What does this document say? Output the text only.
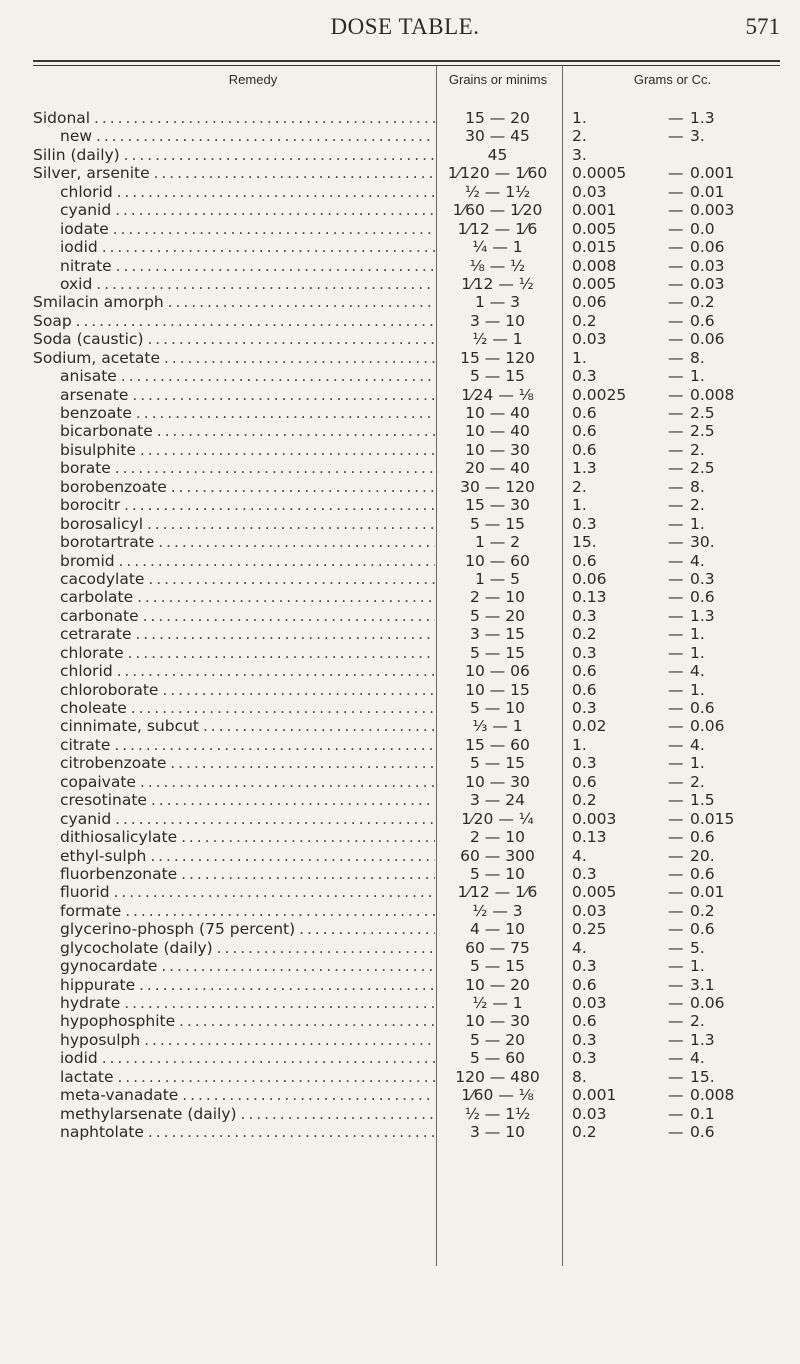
DOSE TABLE.	571
Remedy	Grains or minims	Grams or Cc.
Sidonal . . .	15 — 20	1.	— 1.3
new . . .	30 — 45	2.	— 3.
Silin (daily) . . .	45	3.
Silver, arsenite . . .	1⁄120 — 1⁄60	0.0005	— 0.001
chlorid . . .	½ — 1½	0.03	— 0.01
cyanid . . .	1⁄60 — 1⁄20	0.001	— 0.003
iodate . . .	1⁄12 — 1⁄6	0.005	— 0.0
iodid . . .	¼ — 1	0.015	— 0.06
nitrate . . .	⅛ — ½	0.008	— 0.03
oxid . . .	1⁄12 — ½	0.005	— 0.03
Smilacin amorph . . .	1 — 3	0.06	— 0.2
Soap . . .	3 — 10	0.2	— 0.6
Soda (caustic) . . .	½ — 1	0.03	— 0.06
Sodium, acetate . . .	15 — 120	1.	— 8.
anisate . . .	5 — 15	0.3	— 1.
arsenate . . .	1⁄24 — ⅛	0.0025	— 0.008
benzoate . . .	10 — 40	0.6	— 2.5
bicarbonate . . .	10 — 40	0.6	— 2.5
bisulphite . . .	10 — 30	0.6	— 2.
borate . . .	20 — 40	1.3	— 2.5
borobenzoate . . .	30 — 120	2.	— 8.
borocitr . . .	15 — 30	1.	— 2.
borosalicyl . . .	5 — 15	0.3	— 1.
borotartrate . . .	1 — 2	15.	— 30.
bromid . . .	10 — 60	0.6	— 4.
cacodylate . . .	1 — 5	0.06	— 0.3
carbolate . . .	2 — 10	0.13	— 0.6
carbonate . . .	5 — 20	0.3	— 1.3
cetrarate . . .	3 — 15	0.2	— 1.
chlorate . . .	5 — 15	0.3	— 1.
chlorid . . .	10 — 06	0.6	— 4.
chloroborate . . .	10 — 15	0.6	— 1.
choleate . . .	5 — 10	0.3	— 0.6
cinnimate, subcut . . .	⅓ — 1	0.02	— 0.06
citrate . . .	15 — 60	1.	— 4.
citrobenzoate . . .	5 — 15	0.3	— 1.
copaivate . . .	10 — 30	0.6	— 2.
cresotinate . . .	3 — 24	0.2	— 1.5
cyanid . . .	1⁄20 — ¼	0.003	— 0.015
dithiosalicylate . . .	2 — 10	0.13	— 0.6
ethyl-sulph . . .	60 — 300	4.	— 20.
fluorbenzonate . . .	5 — 10	0.3	— 0.6
fluorid . . .	1⁄12 — 1⁄6	0.005	— 0.01
formate . . .	½ — 3	0.03	— 0.2
glycerino-phosph (75 percent) . . .	4 — 10	0.25	— 0.6
glycocholate (daily) . . .	60 — 75	4.	— 5.
gynocardate . . .	5 — 15	0.3	— 1.
hippurate . . .	10 — 20	0.6	— 3.1
hydrate . . .	½ — 1	0.03	— 0.06
hypophosphite . . .	10 — 30	0.6	— 2.
hyposulph . . .	5 — 20	0.3	— 1.3
iodid . . .	5 — 60	0.3	— 4.
lactate . . .	120 — 480	8.	— 15.
meta-vanadate . . .	1⁄60 — ⅛	0.001	— 0.008
methylarsenate (daily) . . .	½ — 1½	0.03	— 0.1
naphtolate . . .	3 — 10	0.2	— 0.6
